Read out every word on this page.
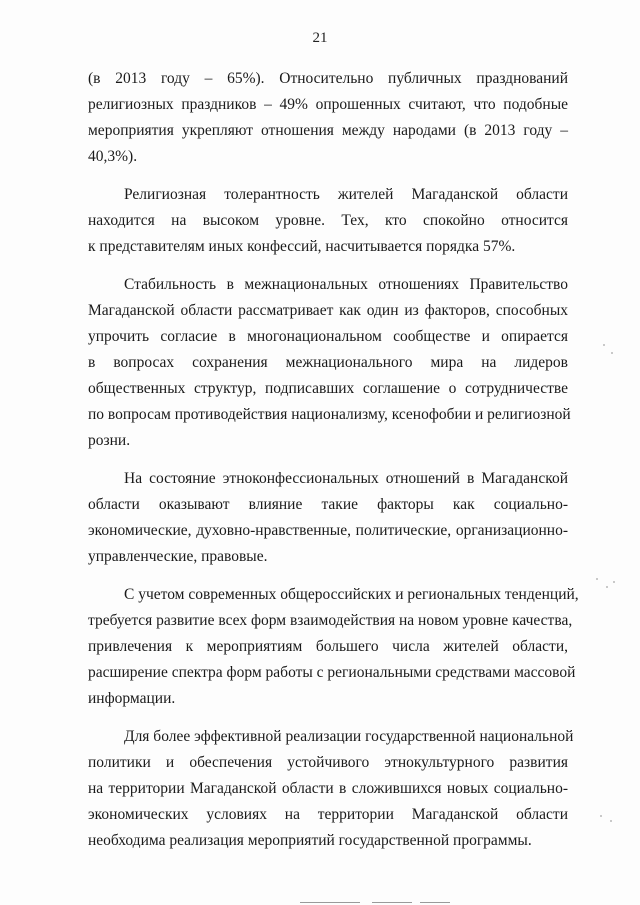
21

(в 2013 году – 65%). Относительно публичных празднований
религиозных праздников – 49% опрошенных считают, что подобные
мероприятия укрепляют отношения между народами (в 2013 году –
40,3%).

Религиозная толерантность жителей Магаданской области
находится на высоком уровне. Тех, кто спокойно относится
к представителям иных конфессий, насчитывается порядка 57%.

Стабильность в межнациональных отношениях Правительство
Магаданской области рассматривает как один из факторов, способных
упрочить согласие в многонациональном сообществе и опирается
в вопросах сохранения межнационального мира на лидеров
общественных структур, подписавших соглашение о сотрудничестве
по вопросам противодействия национализму, ксенофобии и религиозной
розни.

На состояние этноконфессиональных отношений в Магаданской
области оказывают влияние такие факторы как социально-
экономические, духовно-нравственные, политические, организационно-
управленческие, правовые.

С учетом современных общероссийских и региональных тенденций,
требуется развитие всех форм взаимодействия на новом уровне качества,
привлечения к мероприятиям большего числа жителей области,
расширение спектра форм работы с региональными средствами массовой
информации.

Для более эффективной реализации государственной национальной
политики и обеспечения устойчивого этнокультурного развития
на территории Магаданской области в сложившихся новых социально-
экономических условиях на территории Магаданской области
необходима реализация мероприятий государственной программы.
